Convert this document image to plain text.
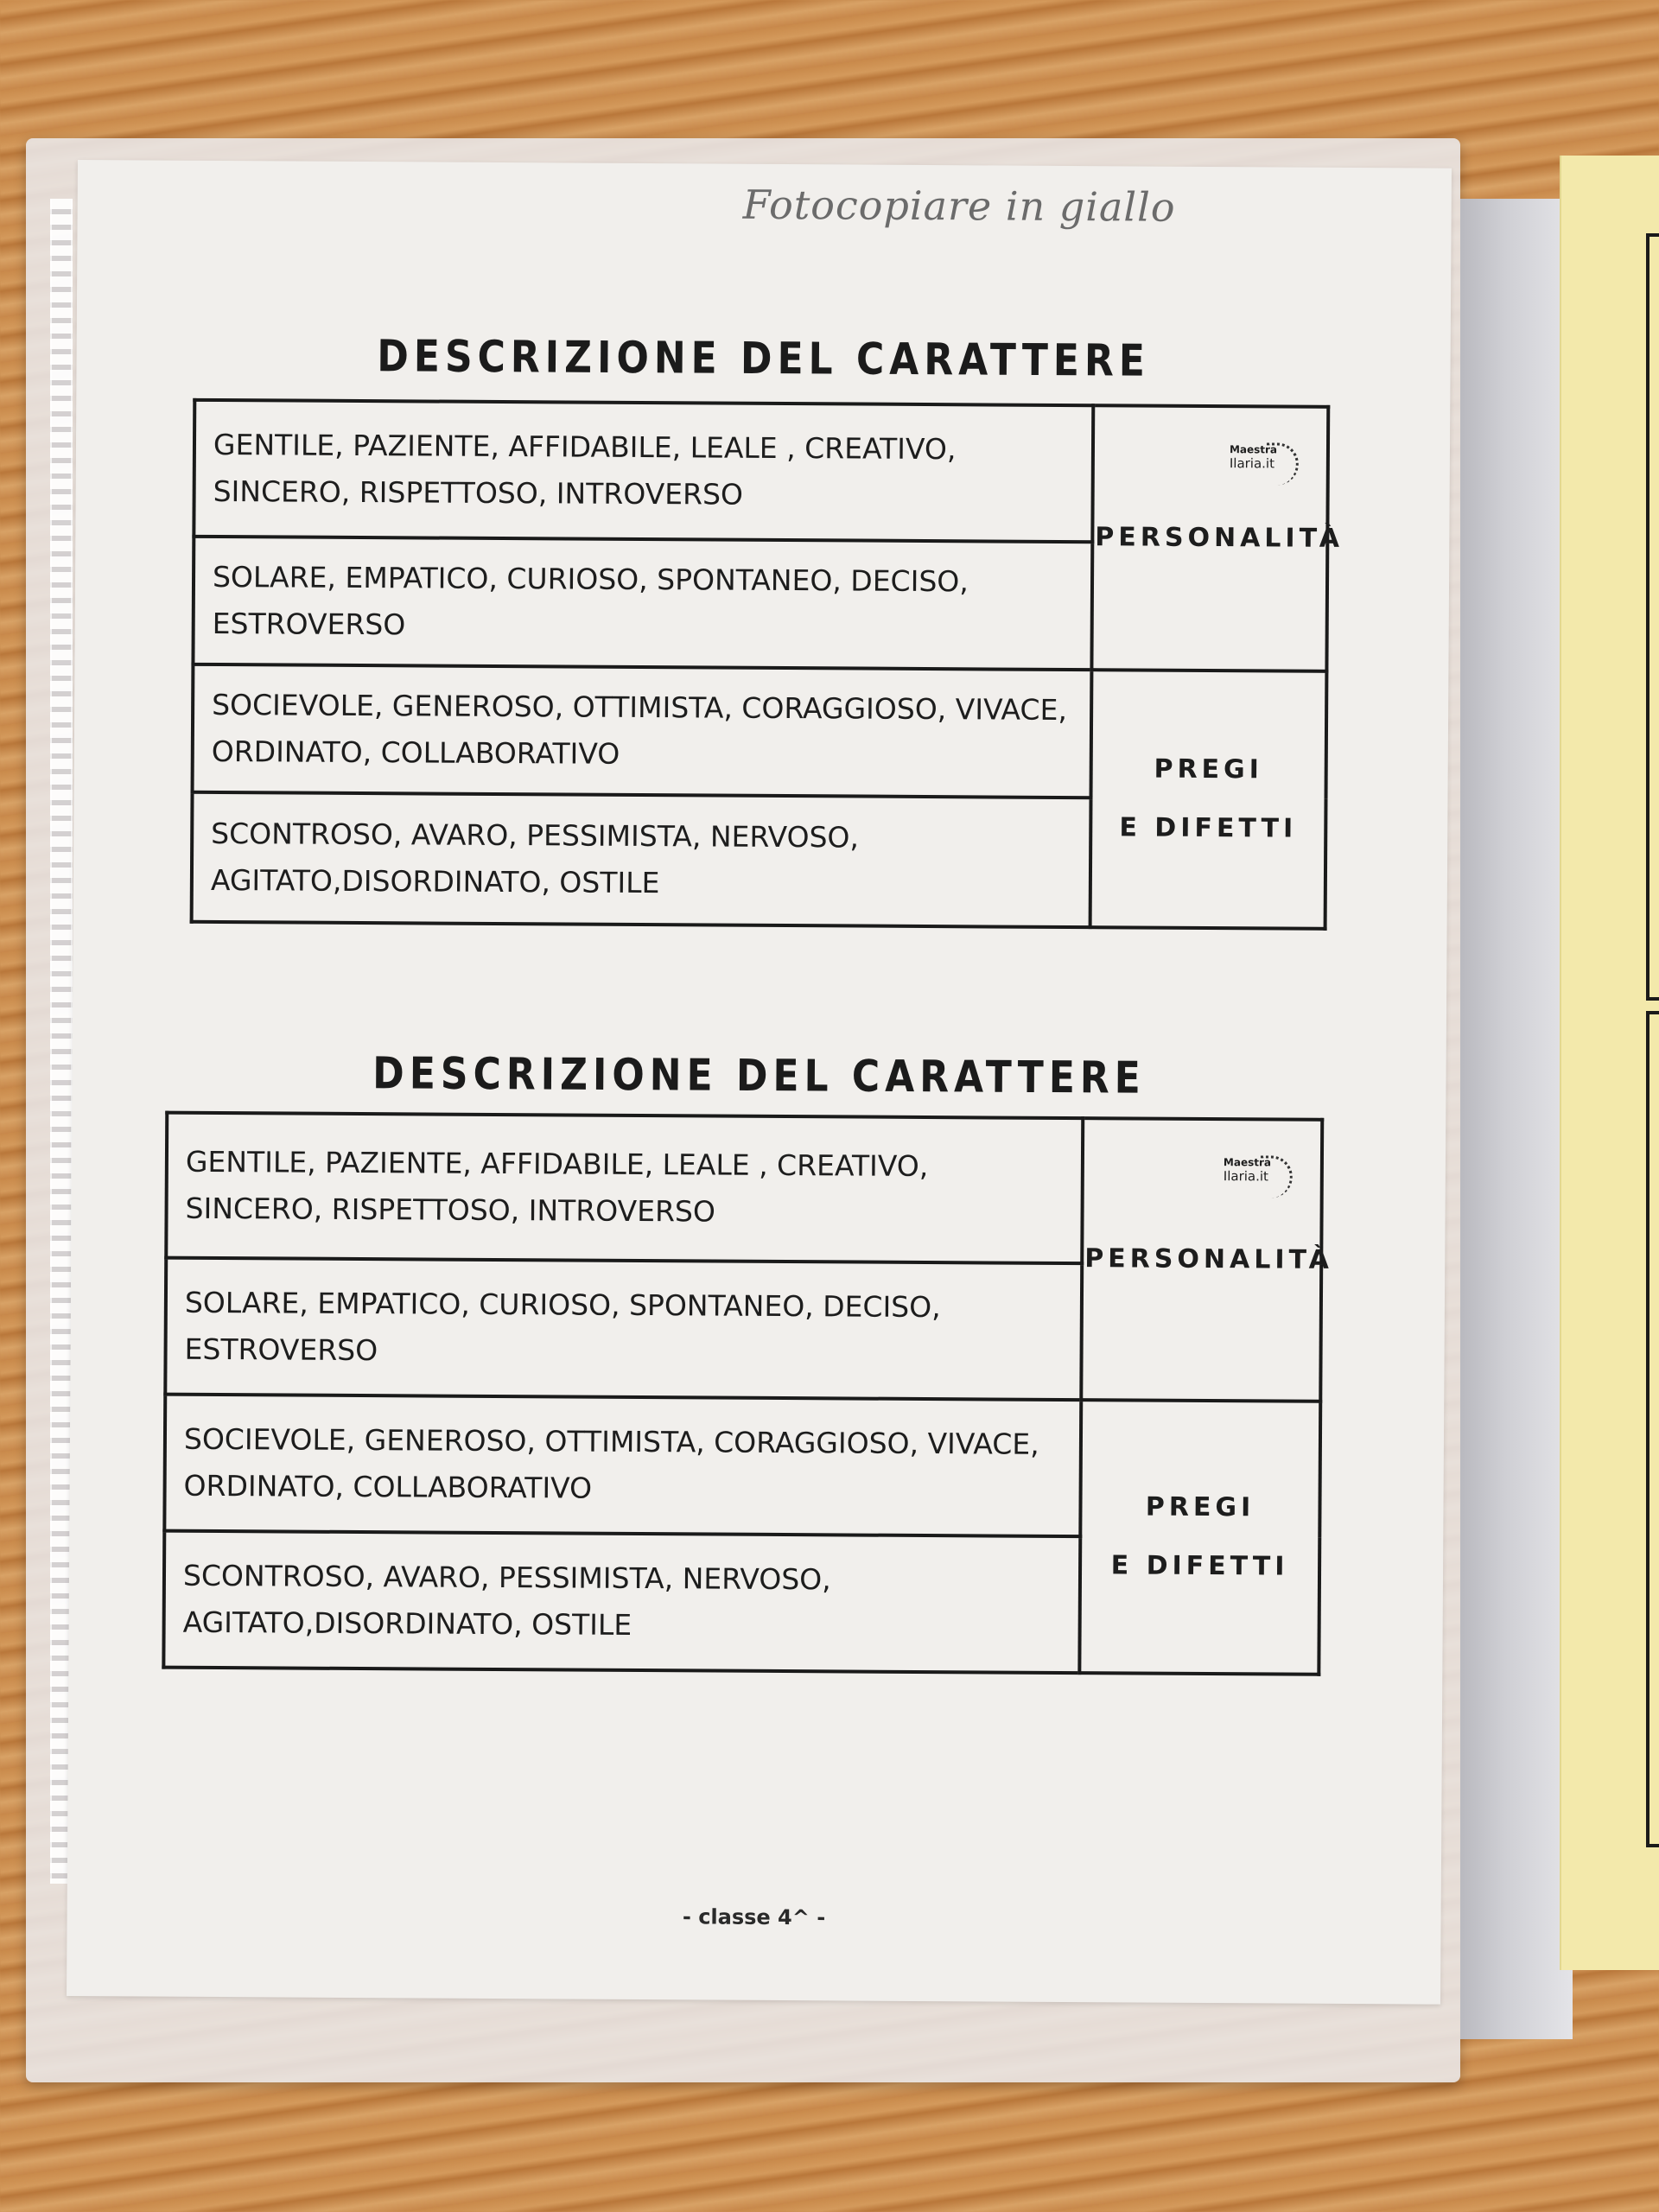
Fotocopiare in giallo
DESCRIZIONE DEL CARATTERE
GENTILE, PAZIENTE, AFFIDABILE, LEALE , CREATIVO, SINCERO, RISPETTOSO, INTROVERSO	Maestra
Ilaria.it
PERSONALITÀ
SOLARE, EMPATICO, CURIOSO, SPONTANEO, DECISO, ESTROVERSO	
SOCIEVOLE, GENEROSO, OTTIMISTA, CORAGGIOSO, VIVACE, ORDINATO, COLLABORATIVO	PREGI
E DIFETTI

SCONTROSO, AVARO, PESSIMISTA, NERVOSO, AGITATO,DISORDINATO, OSTILE	
DESCRIZIONE DEL CARATTERE
GENTILE, PAZIENTE, AFFIDABILE, LEALE , CREATIVO, SINCERO, RISPETTOSO, INTROVERSO	Maestra
Ilaria.it
PERSONALITÀ
SOLARE, EMPATICO, CURIOSO, SPONTANEO, DECISO, ESTROVERSO	
SOCIEVOLE, GENEROSO, OTTIMISTA, CORAGGIOSO, VIVACE, ORDINATO, COLLABORATIVO	PREGI
E DIFETTI

SCONTROSO, AVARO, PESSIMISTA, NERVOSO, AGITATO,DISORDINATO, OSTILE	
- classe 4^ -
